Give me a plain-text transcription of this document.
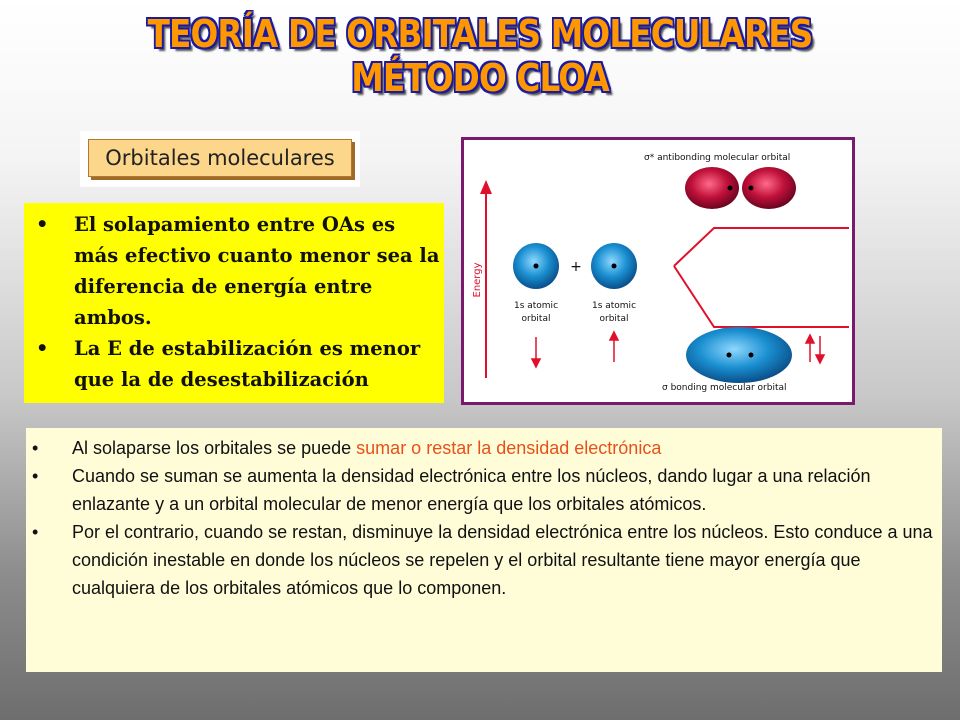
TEORÍA DE ORBITALES MOLECULARES
MÉTODO CLOA
Orbitales moleculares
• El solapamiento entre OAs es más efectivo cuanto menor sea la diferencia de energía entre ambos.
• La E de estabilización es menor que la de desestabilización
Energy
σ* antibonding molecular orbital
+
1s atomic
orbital
1s atomic
orbital
σ bonding molecular orbital
• Al solaparse los orbitales se puede sumar o restar la densidad electrónica
• Cuando se suman se aumenta la densidad electrónica entre los núcleos, dando lugar a una relación enlazante y a un orbital molecular de menor energía que los orbitales atómicos.
• Por el contrario, cuando se restan, disminuye la densidad electrónica entre los núcleos. Esto conduce a una condición inestable en donde los núcleos se repelen y el orbital resultante tiene mayor energía que cualquiera de los orbitales atómicos que lo componen.
